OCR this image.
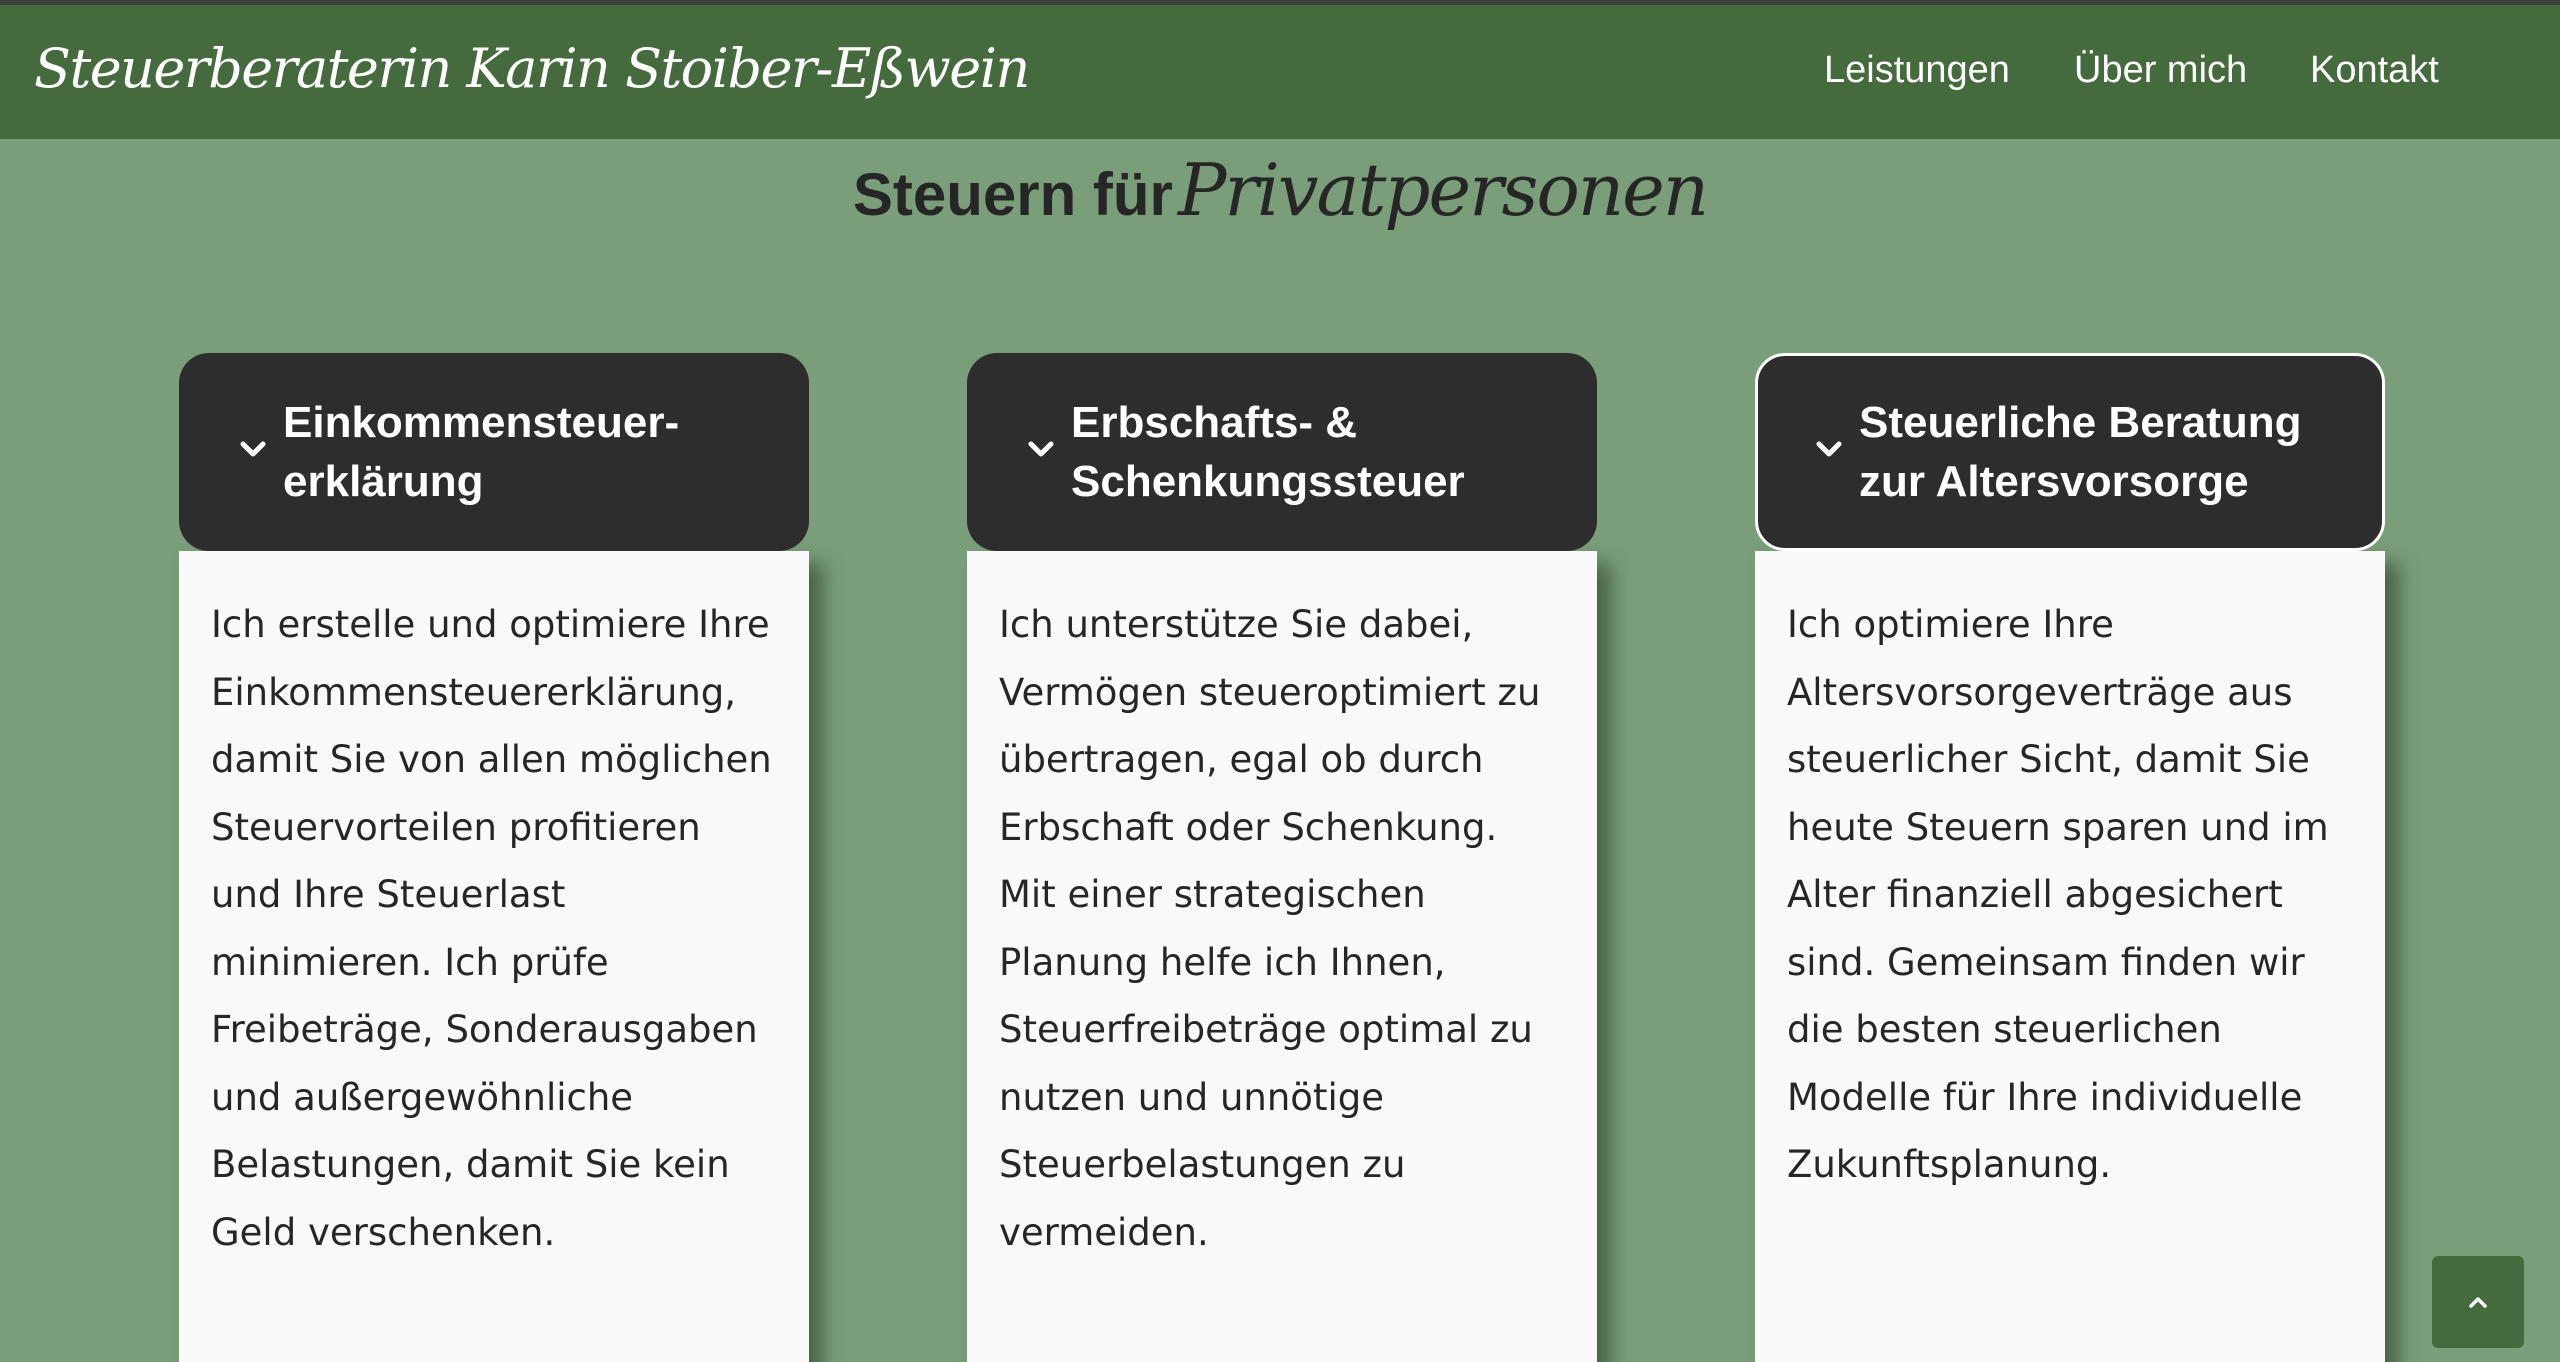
Steuerberaterin Karin Stoiber-Eßwein	Leistungen Über mich Kontakt
Steuern für Privatpersonen
Einkommensteuer-
erklärung
Ich erstelle und optimiere Ihre
Einkommensteuererklärung,
damit Sie von allen möglichen
Steuervorteilen profitieren
und Ihre Steuerlast
minimieren. Ich prüfe
Freibeträge, Sonderausgaben
und außergewöhnliche
Belastungen, damit Sie kein
Geld verschenken.
Erbschafts- &
Schenkungssteuer
Ich unterstütze Sie dabei,
Vermögen steueroptimiert zu
übertragen, egal ob durch
Erbschaft oder Schenkung.
Mit einer strategischen
Planung helfe ich Ihnen,
Steuerfreibeträge optimal zu
nutzen und unnötige
Steuerbelastungen zu
vermeiden.
Steuerliche Beratung
zur Altersvorsorge
Ich optimiere Ihre
Altersvorsorgeverträge aus
steuerlicher Sicht, damit Sie
heute Steuern sparen und im
Alter finanziell abgesichert
sind. Gemeinsam finden wir
die besten steuerlichen
Modelle für Ihre individuelle
Zukunftsplanung.
